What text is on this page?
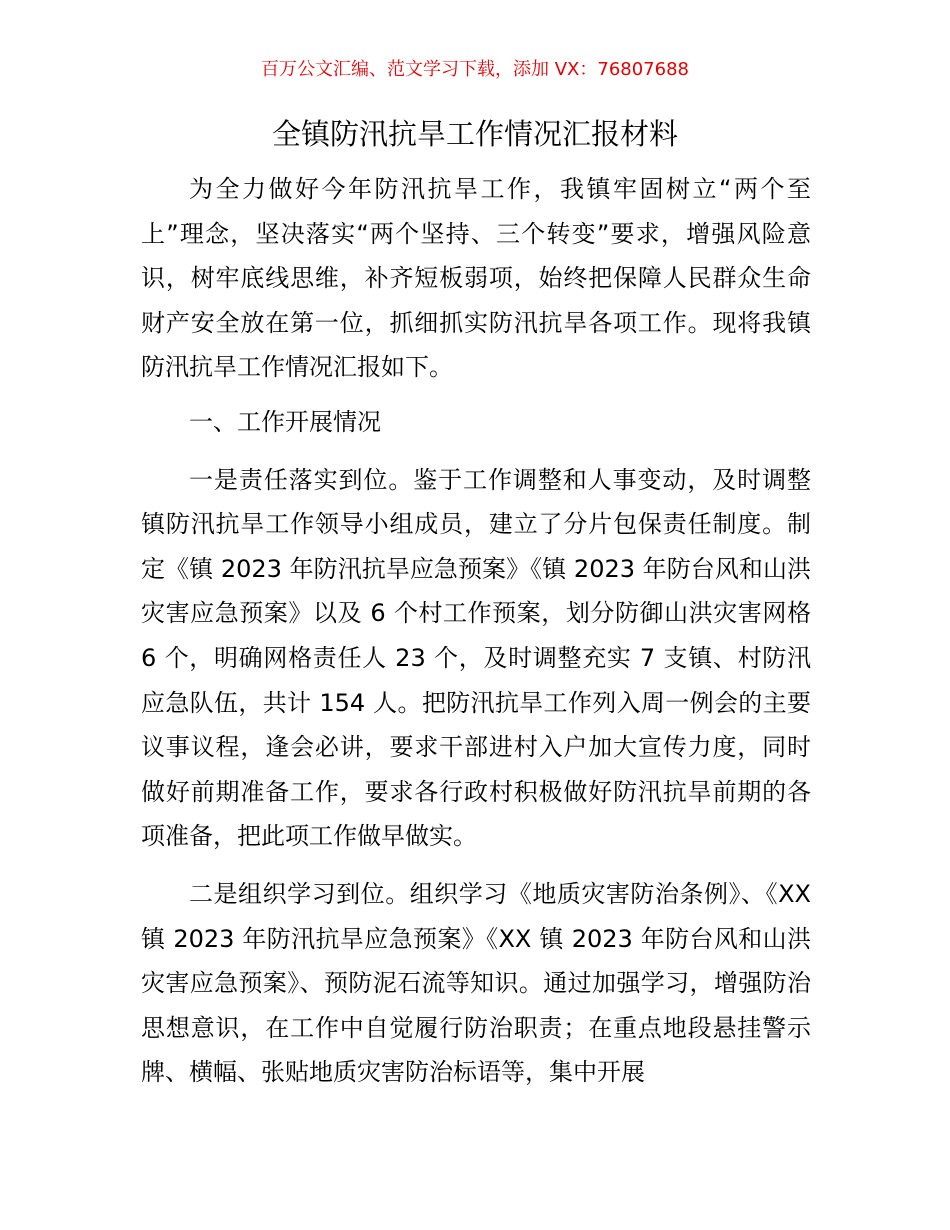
百万公文汇编、范文学习下载，添加 VX：76807688
全镇防汛抗旱工作情况汇报材料

为全力做好今年防汛抗旱工作，我镇牢固树立“两个至上”理念，坚决落实“两个坚持、三个转变”要求，增强风险意识，树牢底线思维，补齐短板弱项，始终把保障人民群众生命财产安全放在第一位，抓细抓实防汛抗旱各项工作。现将我镇防汛抗旱工作情况汇报如下。

一、工作开展情况

一是责任落实到位。鉴于工作调整和人事变动，及时调整镇防汛抗旱工作领导小组成员，建立了分片包保责任制度。制定《镇 2023 年防汛抗旱应急预案》《镇 2023 年防台风和山洪灾害应急预案》以及 6 个村工作预案，划分防御山洪灾害网格 6 个，明确网格责任人 23 个，及时调整充实 7 支镇、村防汛应急队伍，共计 154 人。把防汛抗旱工作列入周一例会的主要议事议程，逢会必讲，要求干部进村入户加大宣传力度，同时做好前期准备工作，要求各行政村积极做好防汛抗旱前期的各项准备，把此项工作做早做实。

二是组织学习到位。组织学习《地质灾害防治条例》、《XX 镇 2023 年防汛抗旱应急预案》《XX 镇 2023 年防台风和山洪灾害应急预案》、预防泥石流等知识。通过加强学习，增强防治思想意识，在工作中自觉履行防治职责；在重点地段悬挂警示牌、横幅、张贴地质灾害防治标语等，集中开展
